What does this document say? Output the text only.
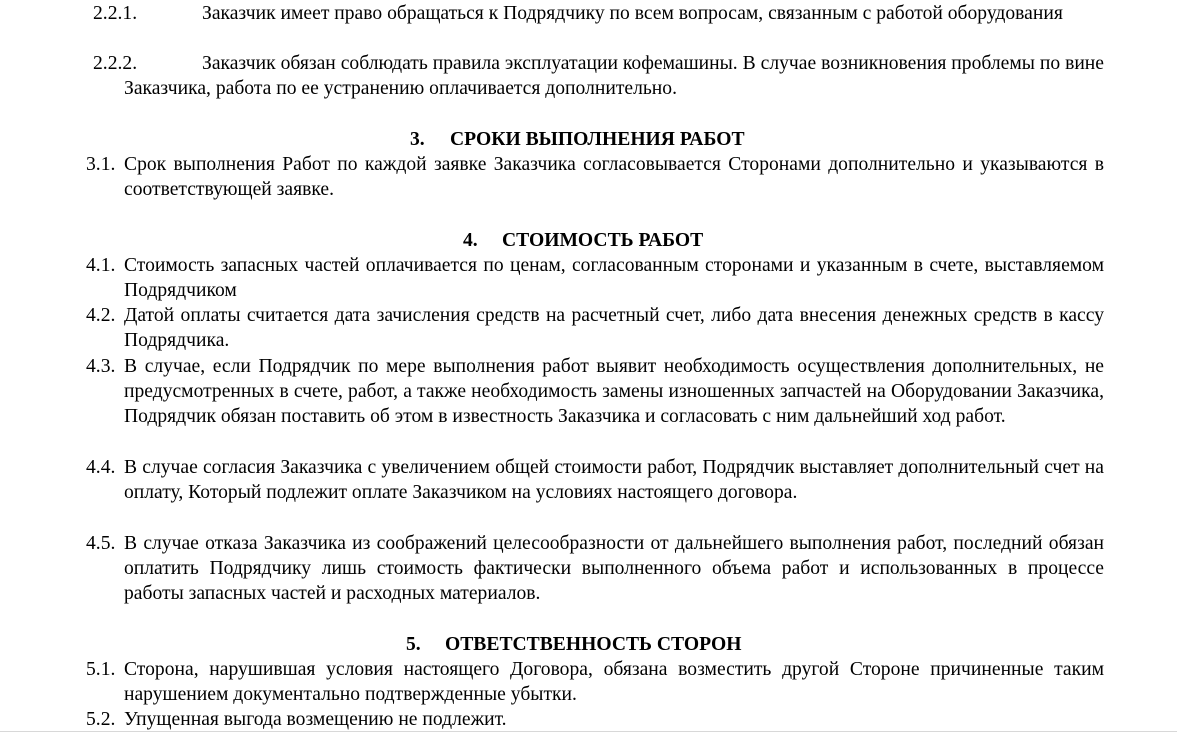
2.2.1.	Заказчик имеет право обращаться к Подрядчику по всем вопросам, связанным с работой оборудования
2.2.2.	Заказчик обязан соблюдать правила эксплуатации кофемашины. В случае возникновения проблемы по вине Заказчика, работа по ее устранению оплачивается дополнительно.
3. СРОКИ ВЫПОЛНЕНИЯ РАБОТ
3.1. Срок выполнения Работ по каждой заявке Заказчика согласовывается Сторонами дополнительно и указываются в соответствующей заявке.
4. СТОИМОСТЬ РАБОТ
4.1. Стоимость запасных частей оплачивается по ценам, согласованным сторонами и указанным в счете, выставляемом Подрядчиком
4.2. Датой оплаты считается дата зачисления средств на расчетный счет, либо дата внесения денежных средств в кассу Подрядчика.
4.3. В случае, если Подрядчик по мере выполнения работ выявит необходимость осуществления дополнительных, не предусмотренных в счете, работ, а также необходимость замены изношенных запчастей на Оборудовании Заказчика, Подрядчик обязан поставить об этом в известность Заказчика и согласовать с ним дальнейший ход работ.
4.4. В случае согласия Заказчика с увеличением общей стоимости работ, Подрядчик выставляет дополнительный счет на оплату, Который подлежит оплате Заказчиком на условиях настоящего договора.
4.5. В случае отказа Заказчика из соображений целесообразности от дальнейшего выполнения работ, последний обязан оплатить Подрядчику лишь стоимость фактически выполненного объема работ и использованных в процессе работы запасных частей и расходных материалов.
5. ОТВЕТСТВЕННОСТЬ СТОРОН
5.1. Сторона, нарушившая условия настоящего Договора, обязана возместить другой Стороне причиненные таким нарушением документально подтвержденные убытки.
5.2. Упущенная выгода возмещению не подлежит.
